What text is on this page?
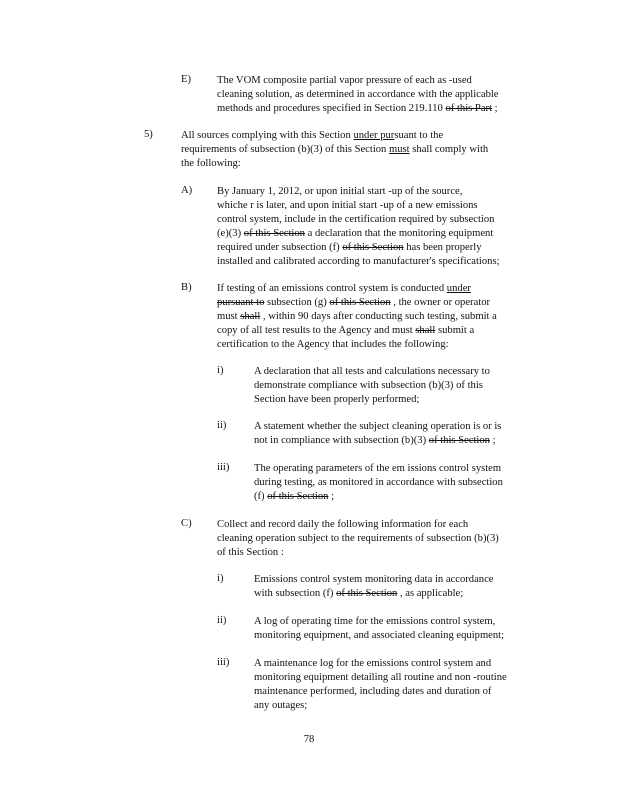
E) The VOM composite partial vapor pressure of each as -used
cleaning solution, as determined in accordance with the applicable
methods and procedures specified in Section 219.110 of this Part ;
5)	All sources complying with this Section under pursuant to the
requirements of subsection (b)(3) of this Section must shall comply with
the following:
A) By January 1, 2012, or upon initial start -up of the source,
whiche r is later, and upon initial start -up of a new emissions
control system, include in the certification required by subsection
(e)(3) of this Section a declaration that the monitoring equipment
required under subsection (f) of this Section has been properly
installed and calibrated according to manufacturer's specifications;
B) If testing of an emissions control system is conducted under
pursuant to subsection (g) of this Section , the owner or operator
must shall , within 90 days after conducting such testing, submit a
copy of all test results to the Agency and must shall submit a
certification to the Agency that includes the following:
i)	A declaration that all tests and calculations necessary to
demonstrate compliance with subsection (b)(3) of this
Section have been properly performed;
ii)	A statement whether the subject cleaning operation is or is
not in compliance with subsection (b)(3) of this Section ;
iii) The operating parameters of the em issions control system
during testing, as monitored in accordance with subsection
(f) of this Section ;
C) Collect and record daily the following information for each
cleaning operation subject to the requirements of subsection (b)(3)
of this Section :
i)	Emissions control system monitoring data in accordance
with subsection (f) of this Section , as applicable;
ii)	A log of operating time for the emissions control system,
monitoring equipment, and associated cleaning equipment;
iii) A maintenance log for the emissions control system and
monitoring equipment detailing all routine and non -routine
maintenance performed, including dates and duration of
any outages;
78
